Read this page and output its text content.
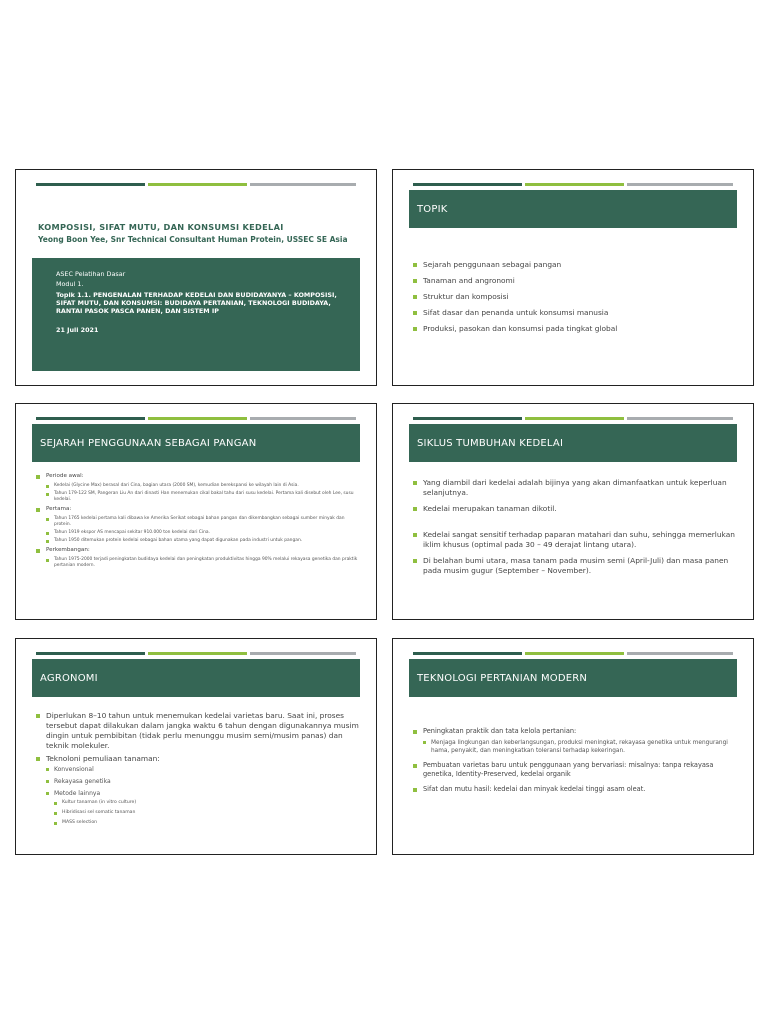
KOMPOSISI, SIFAT MUTU, DAN KONSUMSI KEDELAI
Yeong Boon Yee, Snr Technical Consultant Human Protein, USSEC SE Asia
ASEC Pelatihan Dasar
Modul 1.
Topik 1.1. PENGENALAN TERHADAP KEDELAI DAN BUDIDAYANYA – KOMPOSISI,
SIFAT MUTU, DAN KONSUMSI: BUDIDAYA PERTANIAN, TEKNOLOGI BUDIDAYA,
RANTAI PASOK PASCA PANEN, DAN SISTEM IP
21 Juli 2021
TOPIK
Sejarah penggunaan sebagai pangan
Tanaman and angronomi
Struktur dan komposisi
Sifat dasar dan penanda untuk konsumsi manusia
Produksi, pasokan dan konsumsi pada tingkat global
SEJARAH PENGGUNAAN SEBAGAI PANGAN
Periode awal:
Kedelai (Glycine Max) berasal dari Cina, bagian utara (2000 SM), kemudian berekspansi ke wilayah lain di Asia.
Tahun 179-122 SM, Pangeran Liu An dari dinasti Han menemukan cikal bakal tahu dari susu kedelai. Pertama kali disebut oleh Lee, susu kedelai.
Pertama:
Tahun 1765 kedelai pertama kali dibawa ke Amerika Serikat sebagai bahan pangan dan dikembangkan sebagai sumber minyak dan protein.
Tahun 1919 ekspor AS mencapai sekitar 910.000 ton kedelai dari Cina.
Tahun 1950 ditemukan protein kedelai sebagai bahan utama yang dapat digunakan pada industri untuk pangan.
Perkembangan:
Tahun 1975-2000 terjadi peningkatan budidaya kedelai dan peningkatan produktivitas hingga 90% melalui rekayasa genetika dan praktik pertanian modern.
SIKLUS TUMBUHAN KEDELAI
Yang diambil dari kedelai adalah bijinya yang akan dimanfaatkan untuk keperluan selanjutnya.
Kedelai merupakan tanaman dikotil.
Kedelai sangat sensitif terhadap paparan matahari dan suhu, sehingga memerlukan iklim khusus (optimal pada 30 – 49 derajat lintang utara).
Di belahan bumi utara, masa tanam pada musim semi (April-Juli) dan masa panen pada musim gugur (September – November).
AGRONOMI
Diperlukan 8–10 tahun untuk menemukan kedelai varietas baru. Saat ini, proses tersebut dapat dilakukan dalam jangka waktu 6 tahun dengan digunakannya musim dingin untuk pembibitan (tidak perlu menunggu musim semi/musim panas) dan teknik molekuler.
Teknoloni pemuliaan tanaman:
Konvensional
Rekayasa genetika
Metode lainnya
Kultur tanaman (in vitro culture)
Hibridisasi sel somatic tanaman
MASS selection
TEKNOLOGI PERTANIAN MODERN
Peningkatan praktik dan tata kelola pertanian:
Menjaga lingkungan dan keberlangsungan, produksi meningkat, rekayasa genetika untuk mengurangi hama, penyakit, dan meningkatkan toleransi terhadap kekeringan.
Pembuatan varietas baru untuk penggunaan yang bervariasi: misalnya: tanpa rekayasa genetika, Identity-Preserved, kedelai organik
Sifat dan mutu hasil: kedelai dan minyak kedelai tinggi asam oleat.
